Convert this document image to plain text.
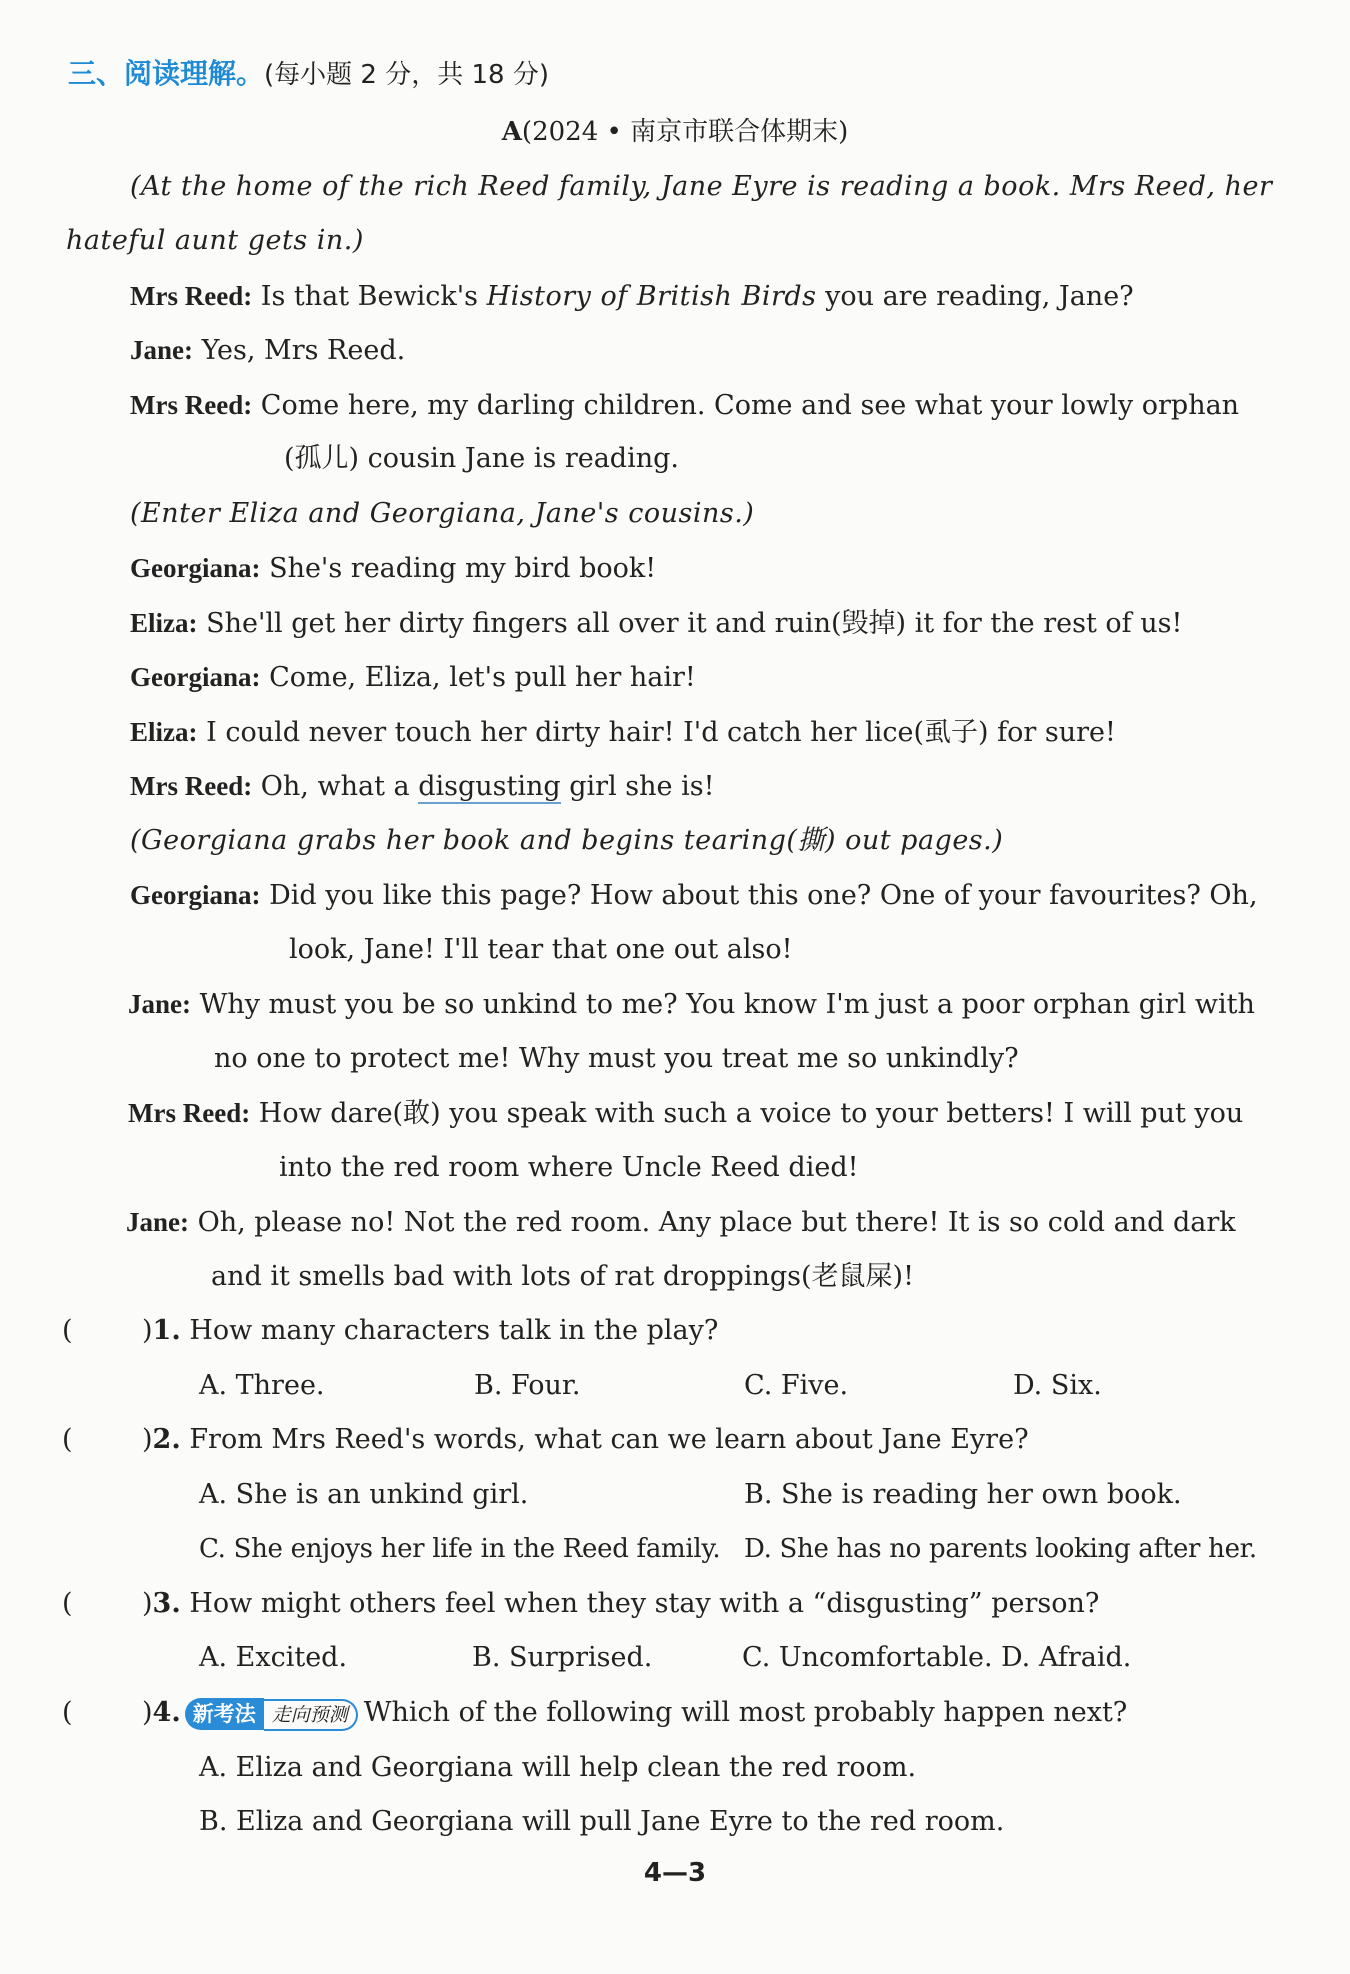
三、阅读理解。(每小题 2 分，共 18 分)
A(2024 • 南京市联合体期末)
(At the home of the rich Reed family, Jane Eyre is reading a book. Mrs Reed, her
hateful aunt gets in.)
Mrs Reed: Is that Bewick's History of British Birds you are reading, Jane?
Jane: Yes, Mrs Reed.
Mrs Reed: Come here, my darling children. Come and see what your lowly orphan
(孤儿) cousin Jane is reading.
(Enter Eliza and Georgiana, Jane's cousins.)
Georgiana: She's reading my bird book!
Eliza: She'll get her dirty fingers all over it and ruin(毁掉) it for the rest of us!
Georgiana: Come, Eliza, let's pull her hair!
Eliza: I could never touch her dirty hair! I'd catch her lice(虱子) for sure!
Mrs Reed: Oh, what a disgusting girl she is!
(Georgiana grabs her book and begins tearing(撕) out pages.)
Georgiana: Did you like this page? How about this one? One of your favourites? Oh,
look, Jane! I'll tear that one out also!
Jane: Why must you be so unkind to me? You know I'm just a poor orphan girl with
no one to protect me! Why must you treat me so unkindly?
Mrs Reed: How dare(敢) you speak with such a voice to your betters! I will put you
into the red room where Uncle Reed died!
Jane: Oh, please no! Not the red room. Any place but there! It is so cold and dark
and it smells bad with lots of rat droppings(老鼠屎)!
(	)1. How many characters talk in the play?
A. Three.	B. Four.	C. Five.	D. Six.
(	)2. From Mrs Reed's words, what can we learn about Jane Eyre?
A. She is an unkind girl.	B. She is reading her own book.
C. She enjoys her life in the Reed family. D. She has no parents looking after her.
(	)3. How might others feel when they stay with a “disgusting” person?
A. Excited.	B. Surprised.	C. Uncomfortable. D. Afraid.
(	)4. 新考法 走向预测 Which of the following will most probably happen next?
A. Eliza and Georgiana will help clean the red room.
B. Eliza and Georgiana will pull Jane Eyre to the red room.
4—3
